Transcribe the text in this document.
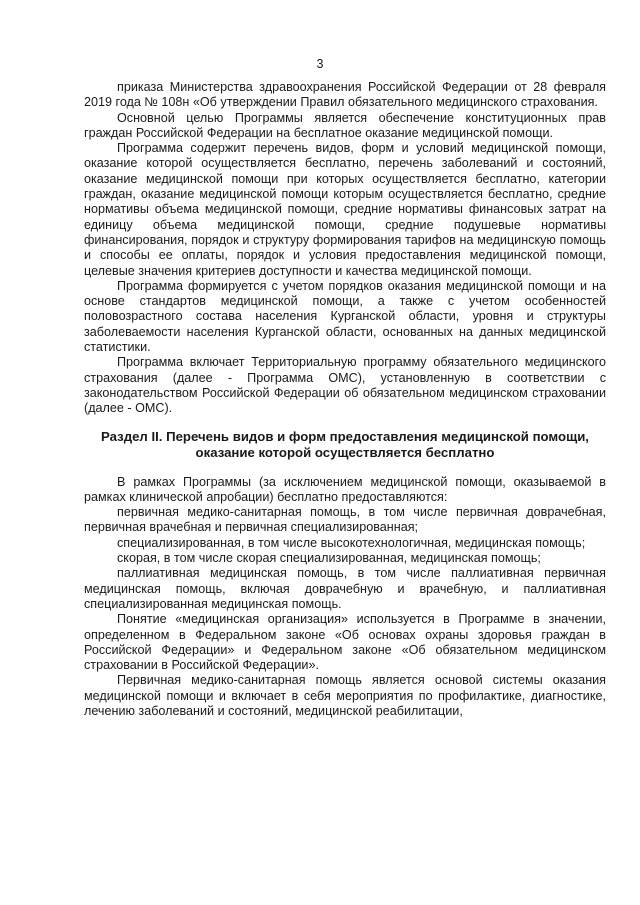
3

приказа Министерства здравоохранения Российской Федерации от 28 февраля 2019 года № 108н «Об утверждении Правил обязательного медицинского страхования.

Основной целью Программы является обеспечение конституционных прав граждан Российской Федерации на бесплатное оказание медицинской помощи.

Программа содержит перечень видов, форм и условий медицинской помощи, оказание которой осуществляется бесплатно, перечень заболеваний и состояний, оказание медицинской помощи при которых осуществляется бесплатно, категории граждан, оказание медицинской помощи которым осуществляется бесплатно, средние нормативы объема медицинской помощи, средние нормативы финансовых затрат на единицу объема медицинской помощи, средние подушевые нормативы финансирования, порядок и структуру формирования тарифов на медицинскую помощь и способы ее оплаты, порядок и условия предоставления медицинской помощи, целевые значения критериев доступности и качества медицинской помощи.

Программа формируется с учетом порядков оказания медицинской помощи и на основе стандартов медицинской помощи, а также с учетом особенностей половозрастного состава населения Курганской области, уровня и структуры заболеваемости населения Курганской области, основанных на данных медицинской статистики.

Программа включает Территориальную программу обязательного медицинского страхования (далее - Программа ОМС), установленную в соответствии с законодательством Российской Федерации об обязательном медицинском страховании (далее - ОМС).

Раздел II. Перечень видов и форм предоставления медицинской помощи, оказание которой осуществляется бесплатно

В рамках Программы (за исключением медицинской помощи, оказываемой в рамках клинической апробации) бесплатно предоставляются:

первичная медико-санитарная помощь, в том числе первичная доврачебная, первичная врачебная и первичная специализированная;

специализированная, в том числе высокотехнологичная, медицинская помощь;

скорая, в том числе скорая специализированная, медицинская помощь;

паллиативная медицинская помощь, в том числе паллиативная первичная медицинская помощь, включая доврачебную и врачебную, и паллиативная специализированная медицинская помощь.

Понятие «медицинская организация» используется в Программе в значении, определенном в Федеральном законе «Об основах охраны здоровья граждан в Российской Федерации» и Федеральном законе «Об обязательном медицинском страховании в Российской Федерации».

Первичная медико-санитарная помощь является основой системы оказания медицинской помощи и включает в себя мероприятия по профилактике, диагностике, лечению заболеваний и состояний, медицинской реабилитации,
